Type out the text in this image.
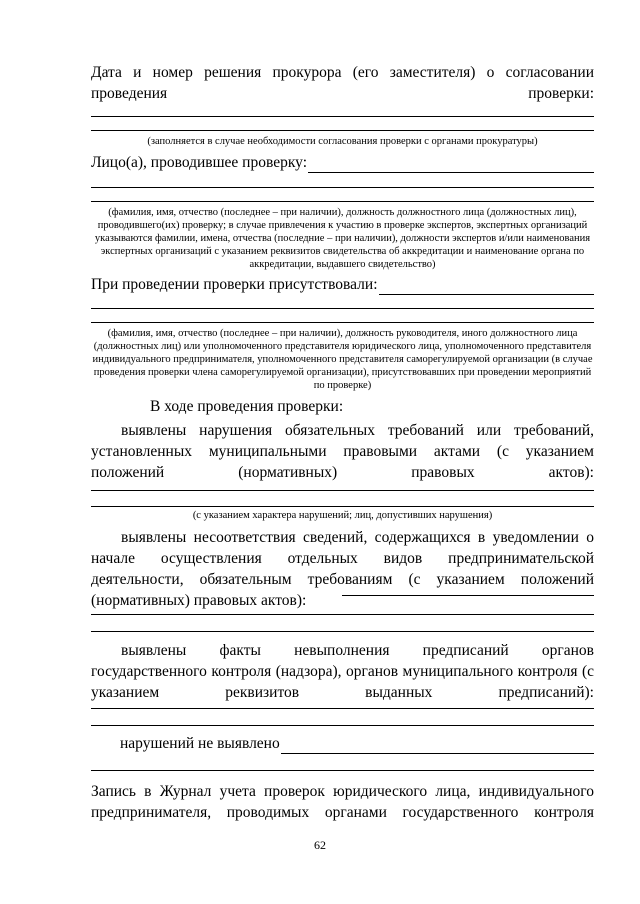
Дата и номер решения прокурора (его заместителя) о согласовании
проведения проверки:
(заполняется в случае необходимости согласования проверки с органами прокуратуры)
Лицо(а), проводившее проверку:
(фамилия, имя, отчество (последнее – при наличии), должность должностного лица (должностных лиц), проводившего(их) проверку; в случае привлечения к участию в проверке экспертов, экспертных организаций указываются фамилии, имена, отчества (последние – при наличии), должности экспертов и/или наименования экспертных организаций с указанием реквизитов свидетельства об аккредитации и наименование органа по аккредитации, выдавшего свидетельство)
При проведении проверки присутствовали:
(фамилия, имя, отчество (последнее – при наличии), должность руководителя, иного должностного лица (должностных лиц) или уполномоченного представителя юридического лица, уполномоченного представителя индивидуального предпринимателя, уполномоченного представителя саморегулируемой организации (в случае проведения проверки члена саморегулируемой организации), присутствовавших при проведении мероприятий по проверке)
В ходе проведения проверки:
выявлены нарушения обязательных требований или требований, установленных муниципальными правовыми актами (с указанием положений (нормативных) правовых актов):
(с указанием характера нарушений; лиц, допустивших нарушения)
выявлены несоответствия сведений, содержащихся в уведомлении о начале осуществления отдельных видов предпринимательской деятельности, обязательным требованиям (с указанием положений (нормативных) правовых актов):
выявлены факты невыполнения предписаний органов государственного контроля (надзора), органов муниципального контроля (с указанием реквизитов выданных предписаний):
нарушений не выявлено
Запись в Журнал учета проверок юридического лица, индивидуального предпринимателя, проводимых органами государственного контроля
62
